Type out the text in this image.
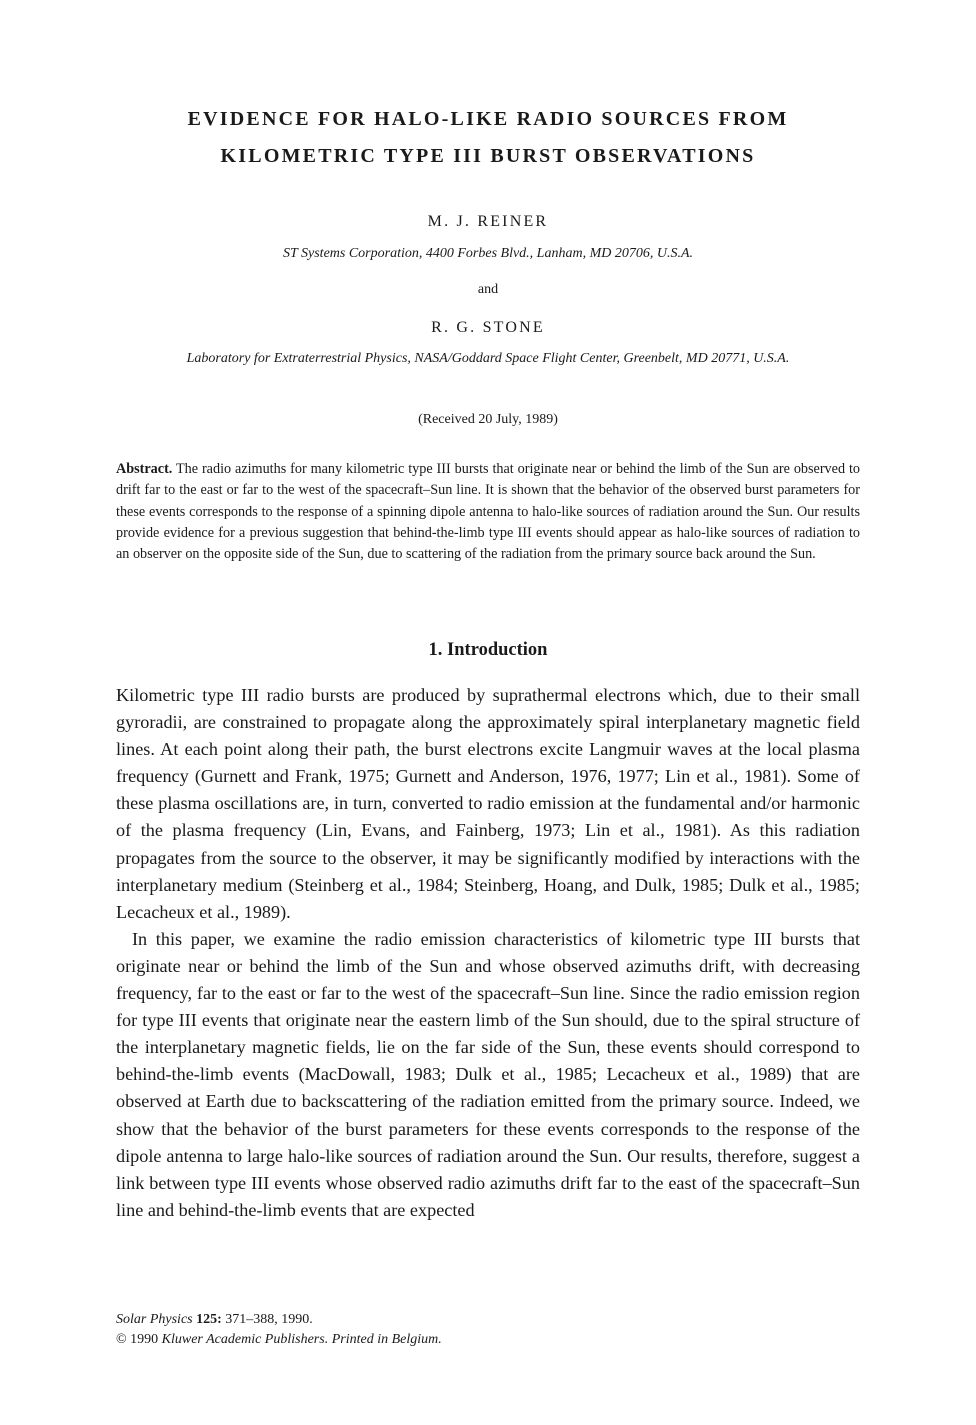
EVIDENCE FOR HALO-LIKE RADIO SOURCES FROM
KILOMETRIC TYPE III BURST OBSERVATIONS
M. J. REINER
ST Systems Corporation, 4400 Forbes Blvd., Lanham, MD 20706, U.S.A.
and
R. G. STONE
Laboratory for Extraterrestrial Physics, NASA/Goddard Space Flight Center, Greenbelt, MD 20771, U.S.A.
(Received 20 July, 1989)
Abstract. The radio azimuths for many kilometric type III bursts that originate near or behind the limb of the Sun are observed to drift far to the east or far to the west of the spacecraft–Sun line. It is shown that the behavior of the observed burst parameters for these events corresponds to the response of a spinning dipole antenna to halo-like sources of radiation around the Sun. Our results provide evidence for a previous suggestion that behind-the-limb type III events should appear as halo-like sources of radiation to an observer on the opposite side of the Sun, due to scattering of the radiation from the primary source back around the Sun.
1. Introduction

Kilometric type III radio bursts are produced by suprathermal electrons which, due to their small gyroradii, are constrained to propagate along the approximately spiral interplanetary magnetic field lines. At each point along their path, the burst electrons excite Langmuir waves at the local plasma frequency (Gurnett and Frank, 1975; Gurnett and Anderson, 1976, 1977; Lin et al., 1981). Some of these plasma oscillations are, in turn, converted to radio emission at the fundamental and/or harmonic of the plasma frequency (Lin, Evans, and Fainberg, 1973; Lin et al., 1981). As this radiation propagates from the source to the observer, it may be significantly modified by interactions with the interplanetary medium (Steinberg et al., 1984; Steinberg, Hoang, and Dulk, 1985; Dulk et al., 1985; Lecacheux et al., 1989).

In this paper, we examine the radio emission characteristics of kilometric type III bursts that originate near or behind the limb of the Sun and whose observed azimuths drift, with decreasing frequency, far to the east or far to the west of the spacecraft–Sun line. Since the radio emission region for type III events that originate near the eastern limb of the Sun should, due to the spiral structure of the interplanetary magnetic fields, lie on the far side of the Sun, these events should correspond to behind-the-limb events (MacDowall, 1983; Dulk et al., 1985; Lecacheux et al., 1989) that are observed at Earth due to backscattering of the radiation emitted from the primary source. Indeed, we show that the behavior of the burst parameters for these events corresponds to the response of the dipole antenna to large halo-like sources of radiation around the Sun. Our results, therefore, suggest a link between type III events whose observed radio azimuths drift far to the east of the spacecraft–Sun line and behind-the-limb events that are expected

Solar Physics 125: 371–388, 1990.
© 1990 Kluwer Academic Publishers. Printed in Belgium.
